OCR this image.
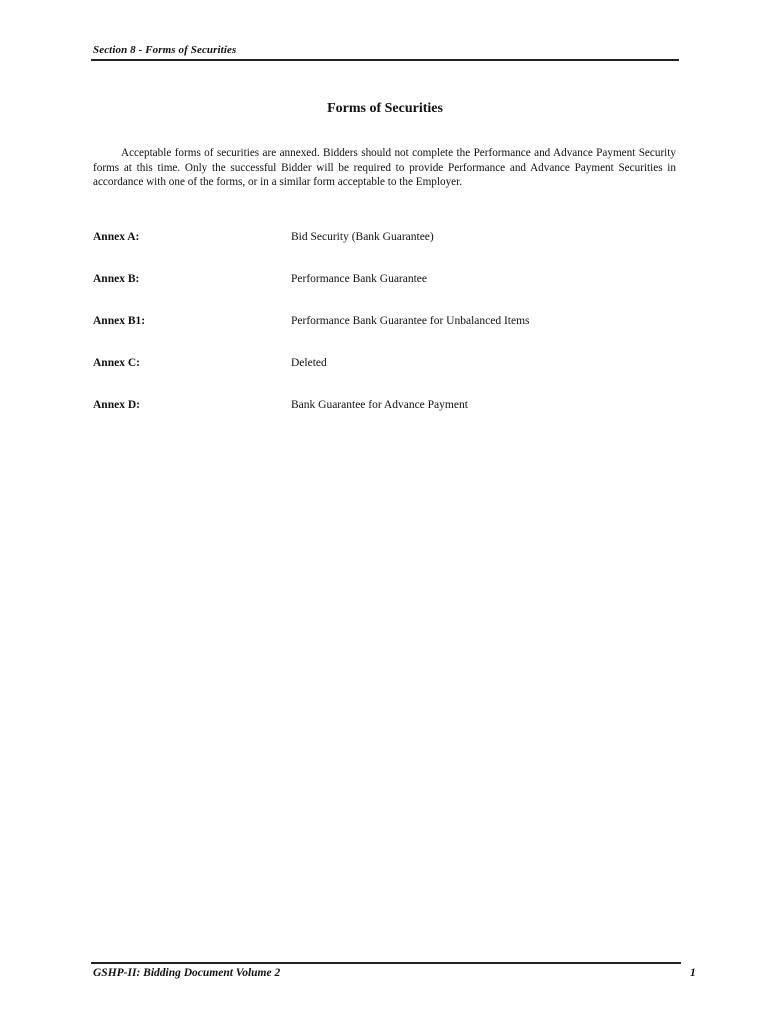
Section 8 - Forms of Securities
Forms of Securities

Acceptable forms of securities are annexed. Bidders should not complete the Performance and Advance Payment Security forms at this time. Only the successful Bidder will be required to provide Performance and Advance Payment Securities in accordance with one of the forms, or in a similar form acceptable to the Employer.

Annex A:	Bid Security (Bank Guarantee)
Annex B:	Performance Bank Guarantee
Annex B1:	Performance Bank Guarantee for Unbalanced Items
Annex C:	Deleted
Annex D:	Bank Guarantee for Advance Payment
GSHP-II: Bidding Document Volume 2	1
